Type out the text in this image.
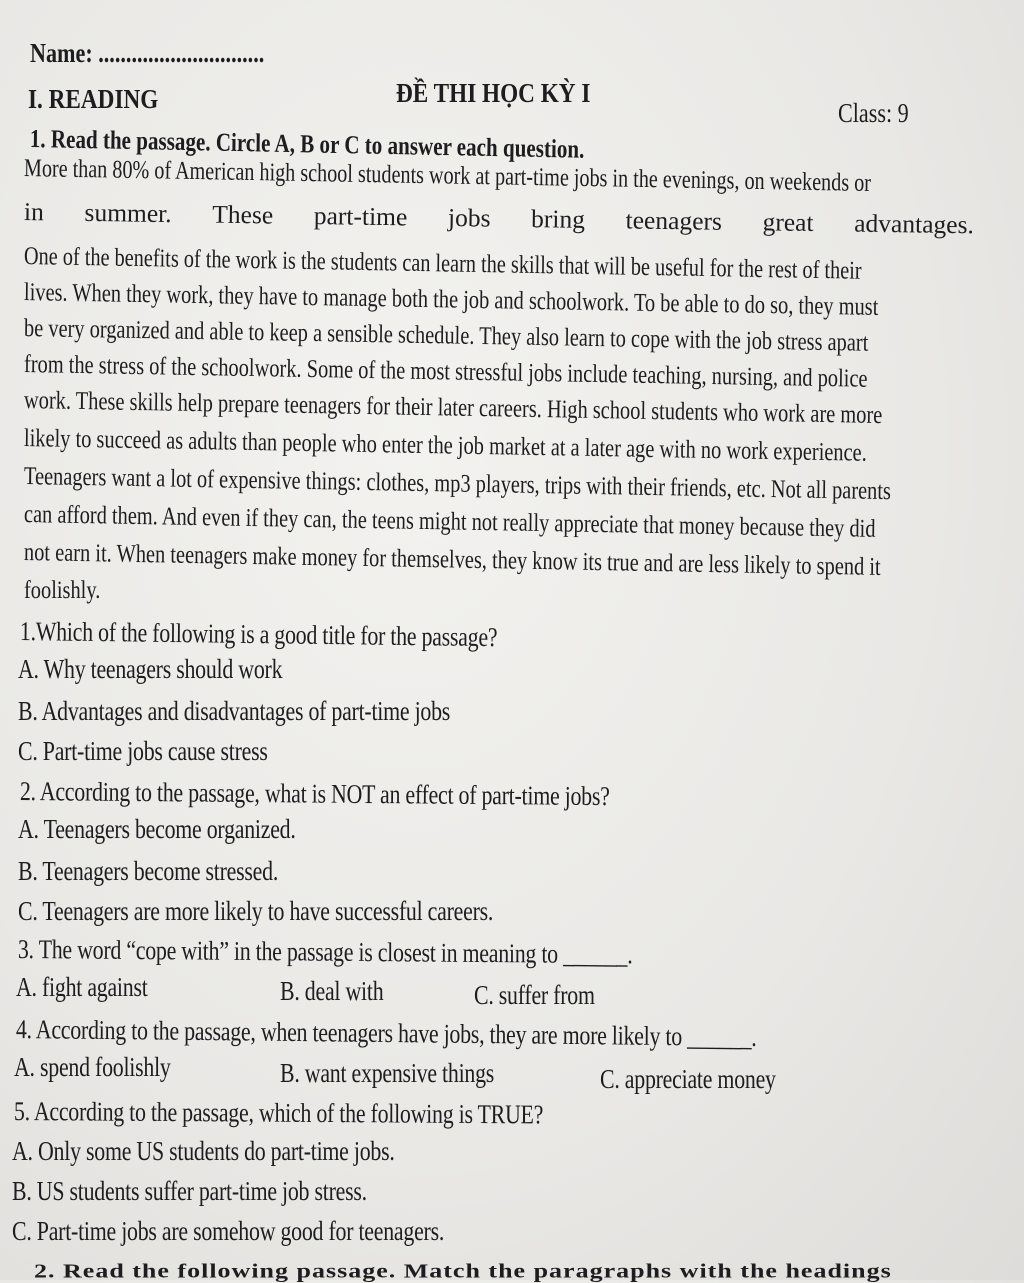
Name: ..............................
ĐỀ THI HỌC KỲ I
I. READING	Class: 9
1. Read the passage. Circle A, B or C to answer each question.
More than 80% of American high school students work at part-time jobs in the evenings, on weekends or
in summer. These part-time jobs bring teenagers great advantages.
One of the benefits of the work is the students can learn the skills that will be useful for the rest of their
lives. When they work, they have to manage both the job and schoolwork. To be able to do so, they must
be very organized and able to keep a sensible schedule. They also learn to cope with the job stress apart
from the stress of the schoolwork. Some of the most stressful jobs include teaching, nursing, and police
work. These skills help prepare teenagers for their later careers. High school students who work are more
likely to succeed as adults than people who enter the job market at a later age with no work experience.
Teenagers want a lot of expensive things: clothes, mp3 players, trips with their friends, etc. Not all parents
can afford them. And even if they can, the teens might not really appreciate that money because they did
not earn it. When teenagers make money for themselves, they know its true and are less likely to spend it
foolishly.
1.Which of the following is a good title for the passage?
A. Why teenagers should work
B. Advantages and disadvantages of part-time jobs
C. Part-time jobs cause stress
2. According to the passage, what is NOT an effect of part-time jobs?
A. Teenagers become organized.
B. Teenagers become stressed.
C. Teenagers are more likely to have successful careers.
3. The word “cope with” in the passage is closest in meaning to ______.
A. fight against	B. deal with	C. suffer from
4. According to the passage, when teenagers have jobs, they are more likely to ______.
A. spend foolishly	B. want expensive things	C. appreciate money
5. According to the passage, which of the following is TRUE?
A. Only some US students do part-time jobs.
B. US students suffer part-time job stress.
C. Part-time jobs are somehow good for teenagers.
2. Read the following passage. Match the paragraphs with the headings
